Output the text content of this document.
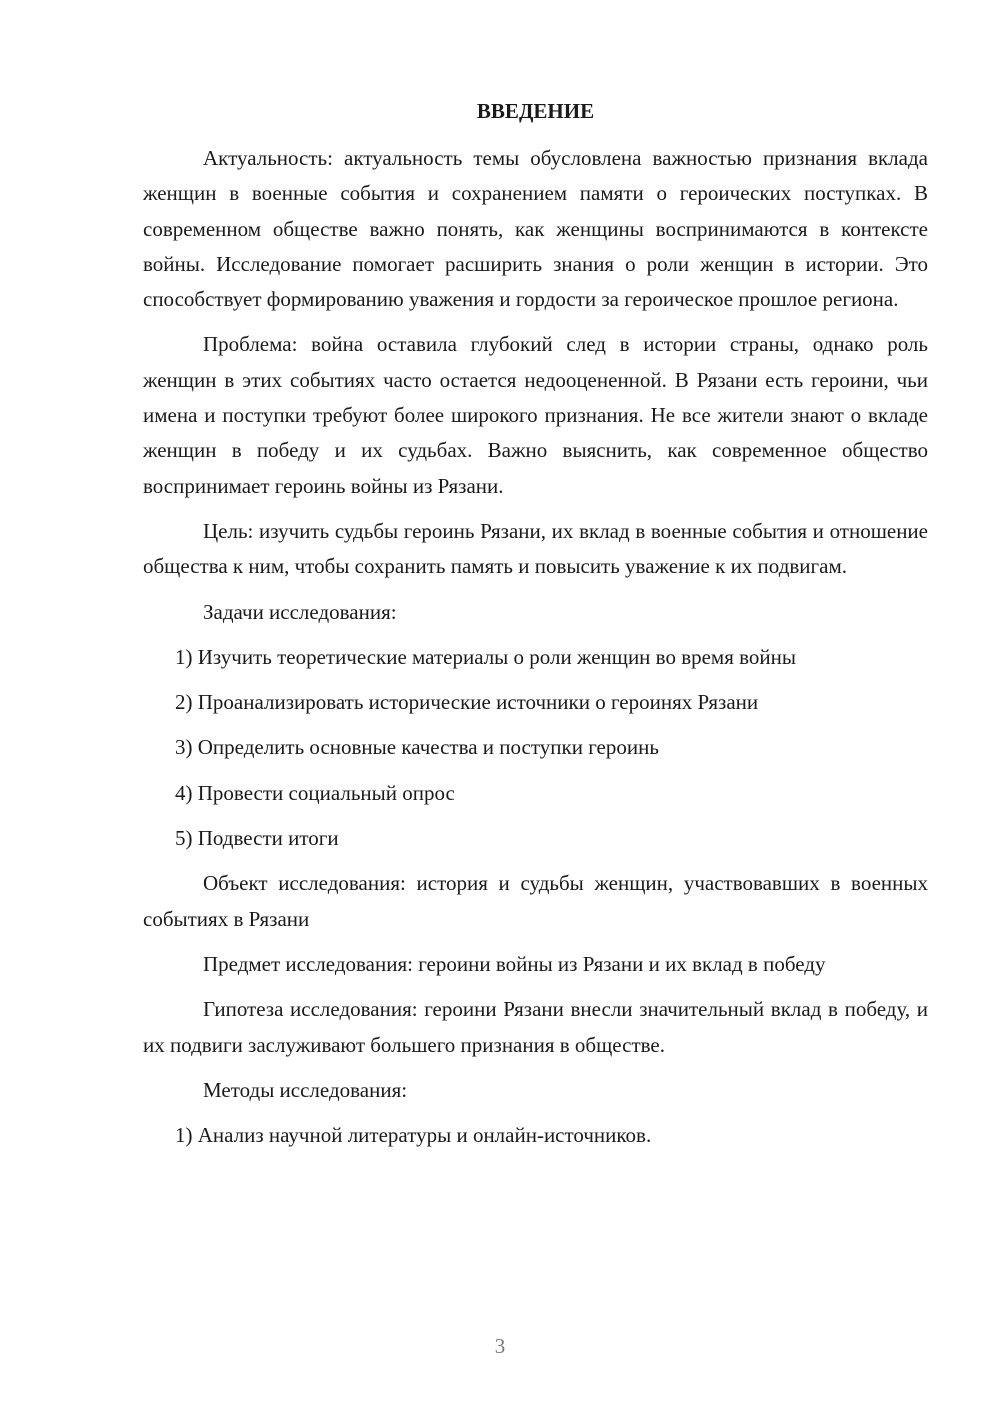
ВВЕДЕНИЕ

Актуальность: актуальность темы обусловлена важностью признания вклада женщин в военные события и сохранением памяти о героических поступках. В современном обществе важно понять, как женщины воспринимаются в контексте войны. Исследование помогает расширить знания о роли женщин в истории. Это способствует формированию уважения и гордости за героическое прошлое региона.

Проблема: война оставила глубокий след в истории страны, однако роль женщин в этих событиях часто остается недооцененной. В Рязани есть героини, чьи имена и поступки требуют более широкого признания. Не все жители знают о вкладе женщин в победу и их судьбах. Важно выяснить, как современное общество воспринимает героинь войны из Рязани.

Цель: изучить судьбы героинь Рязани, их вклад в военные события и отношение общества к ним, чтобы сохранить память и повысить уважение к их подвигам.

Задачи исследования:
1) Изучить теоретические материалы о роли женщин во время войны
2) Проанализировать исторические источники о героинях Рязани
3) Определить основные качества и поступки героинь
4) Провести социальный опрос
5) Подвести итоги

Объект исследования: история и судьбы женщин, участвовавших в военных событиях в Рязани

Предмет исследования: героини войны из Рязани и их вклад в победу

Гипотеза исследования: героини Рязани внесли значительный вклад в победу, и их подвиги заслуживают большего признания в обществе.

Методы исследования:
1) Анализ научной литературы и онлайн-источников.
3
